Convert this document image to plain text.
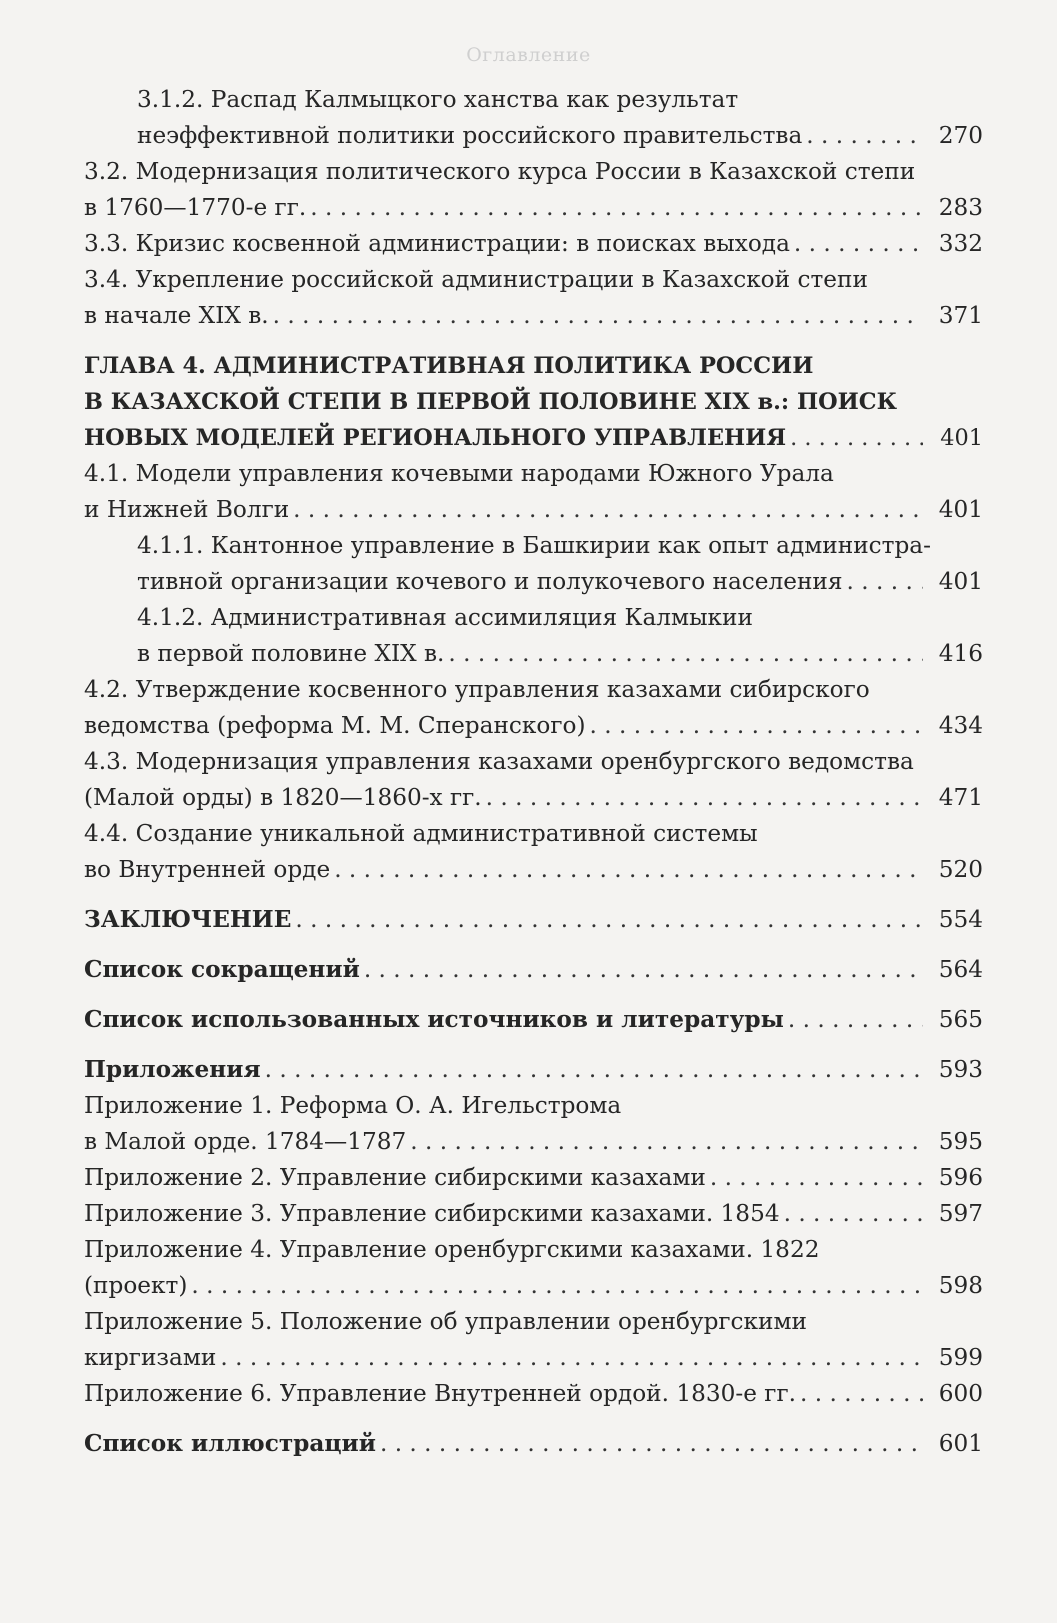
Оглавление
3.1.2. Распад Калмыцкого ханства как результат
неэффективной политики российского правительства . . .	270
3.2. Модернизация политического курса России в Казахской степи
в 1760—1770-е гг. . . .	283
3.3. Кризис косвенной администрации: в поисках выхода . . .	332
3.4. Укрепление российской администрации в Казахской степи
в начале XIX в. . . .	371
ГЛАВА 4. АДМИНИСТРАТИВНАЯ ПОЛИТИКА РОССИИ
В КАЗАХСКОЙ СТЕПИ В ПЕРВОЙ ПОЛОВИНЕ XIX в.: ПОИСК
НОВЫХ МОДЕЛЕЙ РЕГИОНАЛЬНОГО УПРАВЛЕНИЯ . . .	401
4.1. Модели управления кочевыми народами Южного Урала
и Нижней Волги . . .	401
4.1.1. Кантонное управление в Башкирии как опыт администра-
тивной организации кочевого и полукочевого населения . . .	401
4.1.2. Административная ассимиляция Калмыкии
в первой половине XIX в. . . .	416
4.2. Утверждение косвенного управления казахами сибирского
ведомства (реформа М. М. Сперанского) . . .	434
4.3. Модернизация управления казахами оренбургского ведомства
(Малой орды) в 1820—1860-х гг. . . .	471
4.4. Создание уникальной административной системы
во Внутренней орде . . .	520
ЗАКЛЮЧЕНИЕ . . .	554
Список сокращений . . .	564
Список использованных источников и литературы . . .	565
Приложения . . .	593
Приложение 1. Реформа О. А. Игельстрома
в Малой орде. 1784—1787 . . .	595
Приложение 2. Управление сибирскими казахами . . .	596
Приложение 3. Управление сибирскими казахами. 1854 . . .	597
Приложение 4. Управление оренбургскими казахами. 1822
(проект) . . .	598
Приложение 5. Положение об управлении оренбургскими
киргизами . . .	599
Приложение 6. Управление Внутренней ордой. 1830-е гг. . . .	600
Список иллюстраций . . .	601
